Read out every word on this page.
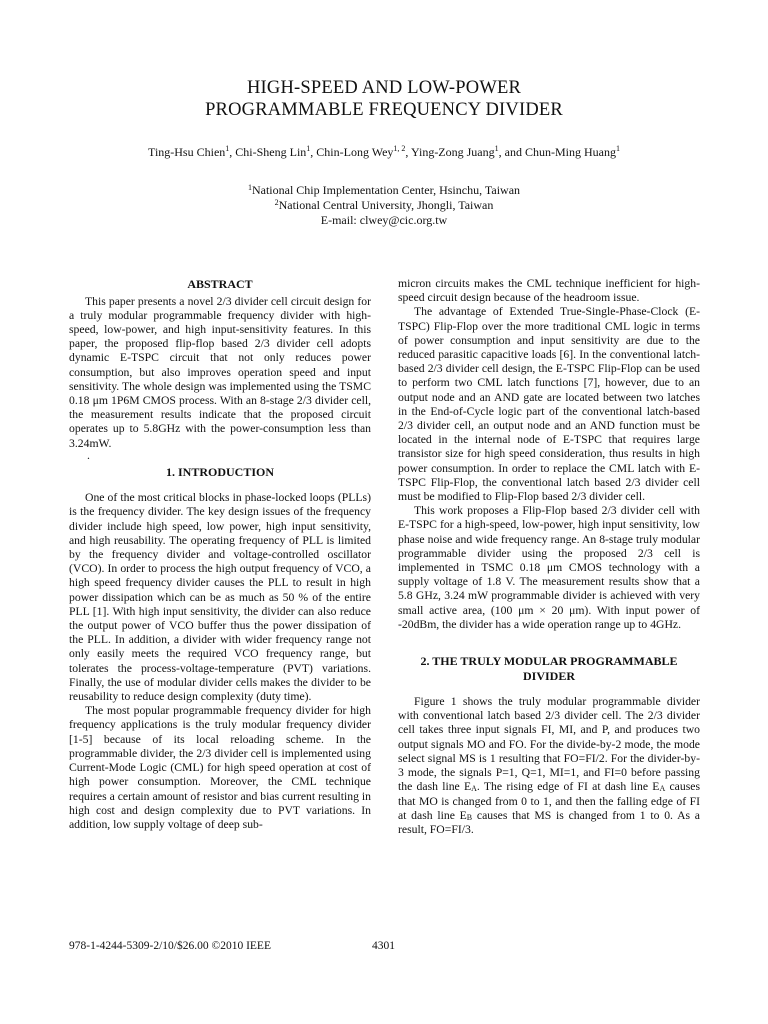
HIGH-SPEED AND LOW-POWER
PROGRAMMABLE FREQUENCY DIVIDER
Ting-Hsu Chien$^1$, Chi-Sheng Lin$^1$, Chin-Long Wey$^{1, 2}$, Ying-Zong Juang$^1$, and Chun-Ming Huang$^1$
$^1$National Chip Implementation Center, Hsinchu, Taiwan
$^2$National Central University, Jhongli, Taiwan
E-mail: clwey@cic.org.tw
ABSTRACT

This paper presents a novel 2/3 divider cell circuit design for a truly modular programmable frequency divider with high-speed, low-power, and high input-sensitivity features. In this paper, the proposed flip-flop based 2/3 divider cell adopts dynamic E-TSPC circuit that not only reduces power consumption, but also improves operation speed and input sensitivity. The whole design was implemented using the TSMC 0.18 μm 1P6M CMOS process. With an 8-stage 2/3 divider cell, the measurement results indicate that the proposed circuit operates up to 5.8GHz with the power-consumption less than 3.24mW.

.
1. INTRODUCTION

One of the most critical blocks in phase-locked loops (PLLs) is the frequency divider. The key design issues of the frequency divider include high speed, low power, high input sensitivity, and high reusability. The operating frequency of PLL is limited by the frequency divider and voltage-controlled oscillator (VCO). In order to process the high output frequency of VCO, a high speed frequency divider causes the PLL to result in high power dissipation which can be as much as 50 % of the entire PLL [1]. With high input sensitivity, the divider can also reduce the output power of VCO buffer thus the power dissipation of the PLL. In addition, a divider with wider frequency range not only easily meets the required VCO frequency range, but tolerates the process-voltage-temperature (PVT) variations. Finally, the use of modular divider cells makes the divider to be reusability to reduce design complexity (duty time).

The most popular programmable frequency divider for high frequency applications is the truly modular frequency divider [1-5] because of its local reloading scheme. In the programmable divider, the 2/3 divider cell is implemented using Current-Mode Logic (CML) for high speed operation at cost of high power consumption. Moreover, the CML technique requires a certain amount of resistor and bias current resulting in high cost and design complexity due to PVT variations. In addition, low supply voltage of deep sub-

micron circuits makes the CML technique inefficient for high-speed circuit design because of the headroom issue.

The advantage of Extended True-Single-Phase-Clock (E-TSPC) Flip-Flop over the more traditional CML logic in terms of power consumption and input sensitivity are due to the reduced parasitic capacitive loads [6]. In the conventional latch-based 2/3 divider cell design, the E-TSPC Flip-Flop can be used to perform two CML latch functions [7], however, due to an output node and an AND gate are located between two latches in the End-of-Cycle logic part of the conventional latch-based 2/3 divider cell, an output node and an AND function must be located in the internal node of E-TSPC that requires large transistor size for high speed consideration, thus results in high power consumption. In order to replace the CML latch with E-TSPC Flip-Flop, the conventional latch based 2/3 divider cell must be modified to Flip-Flop based 2/3 divider cell.

This work proposes a Flip-Flop based 2/3 divider cell with E-TSPC for a high-speed, low-power, high input sensitivity, low phase noise and wide frequency range. An 8-stage truly modular programmable divider using the proposed 2/3 cell is implemented in TSMC 0.18 μm CMOS technology with a supply voltage of 1.8 V. The measurement results show that a 5.8 GHz, 3.24 mW programmable divider is achieved with very small active area, (100 μm × 20 μm). With input power of -20dBm, the divider has a wide operation range up to 4GHz.

2. THE TRULY MODULAR PROGRAMMABLE
DIVIDER

Figure 1 shows the truly modular programmable divider with conventional latch based 2/3 divider cell. The 2/3 divider cell takes three input signals FI, MI, and P, and produces two output signals MO and FO. For the divide-by-2 mode, the mode select signal MS is 1 resulting that FO=FI/2. For the divider-by-3 mode, the signals P=1, Q=1, MI=1, and FI=0 before passing the dash line $E_A$. The rising edge of FI at dash line $E_A$ causes that MO is changed from 0 to 1, and then the falling edge of FI at dash line $E_B$ causes that MS is changed from 1 to 0. As a result, FO=FI/3.

978-1-4244-5309-2/10/$26.00 ©2010 IEEE	4301
